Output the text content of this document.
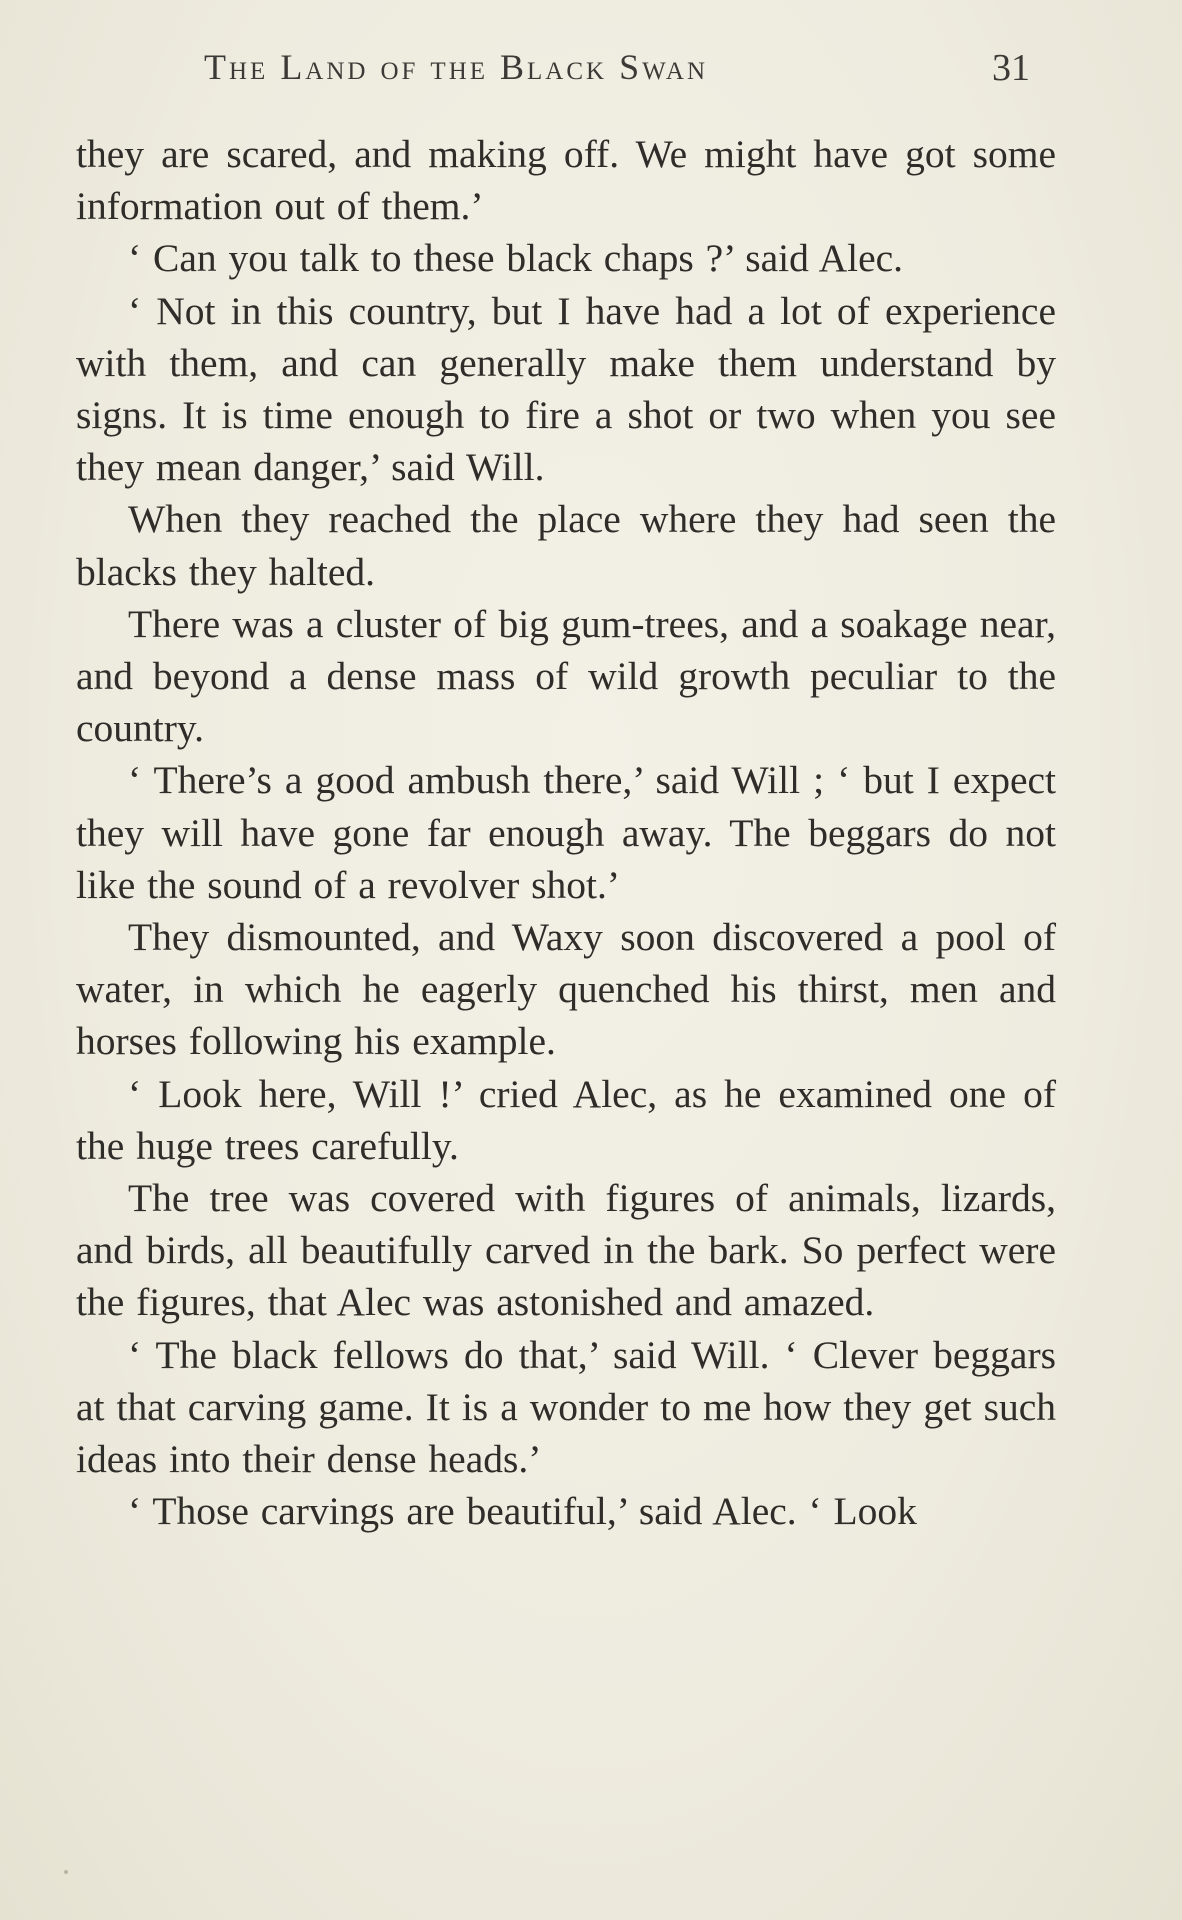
The Land of the Black Swan	31

they are scared, and making off. We might have got some information out of them.’

‘ Can you talk to these black chaps ?’ said Alec.

‘ Not in this country, but I have had a lot of experience with them, and can generally make them understand by signs. It is time enough to fire a shot or two when you see they mean danger,’ said Will.

When they reached the place where they had seen the blacks they halted.

There was a cluster of big gum-trees, and a soakage near, and beyond a dense mass of wild growth peculiar to the country.

‘ There’s a good ambush there,’ said Will ; ‘ but I expect they will have gone far enough away. The beggars do not like the sound of a revolver shot.’

They dismounted, and Waxy soon discovered a pool of water, in which he eagerly quenched his thirst, men and horses following his example.

‘ Look here, Will !’ cried Alec, as he examined one of the huge trees carefully.

The tree was covered with figures of animals, lizards, and birds, all beautifully carved in the bark. So perfect were the figures, that Alec was astonished and amazed.

‘ The black fellows do that,’ said Will. ‘ Clever beggars at that carving game. It is a wonder to me how they get such ideas into their dense heads.’

‘ Those carvings are beautiful,’ said Alec. ‘ Look
